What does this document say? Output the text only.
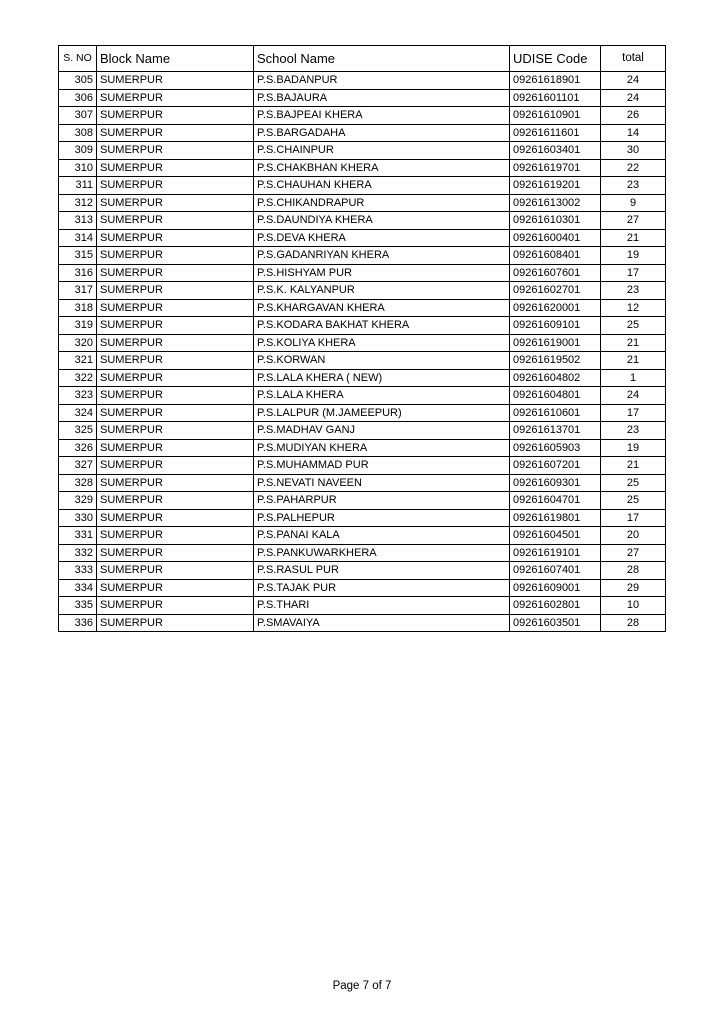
S. NO	Block Name	School Name	UDISE Code	total
305	SUMERPUR	P.S.BADANPUR	09261618901	24
306	SUMERPUR	P.S.BAJAURA	09261601101	24
307	SUMERPUR	P.S.BAJPEAI KHERA	09261610901	26
308	SUMERPUR	P.S.BARGADAHA	09261611601	14
309	SUMERPUR	P.S.CHAINPUR	09261603401	30
310	SUMERPUR	P.S.CHAKBHAN KHERA	09261619701	22
311	SUMERPUR	P.S.CHAUHAN KHERA	09261619201	23
312	SUMERPUR	P.S.CHIKANDRAPUR	09261613002	9
313	SUMERPUR	P.S.DAUNDIYA KHERA	09261610301	27
314	SUMERPUR	P.S.DEVA KHERA	09261600401	21
315	SUMERPUR	P.S.GADANRIYAN KHERA	09261608401	19
316	SUMERPUR	P.S.HISHYAM PUR	09261607601	17
317	SUMERPUR	P.S.K. KALYANPUR	09261602701	23
318	SUMERPUR	P.S.KHARGAVAN KHERA	09261620001	12
319	SUMERPUR	P.S.KODARA BAKHAT KHERA	09261609101	25
320	SUMERPUR	P.S.KOLIYA KHERA	09261619001	21
321	SUMERPUR	P.S.KORWAN	09261619502	21
322	SUMERPUR	P.S.LALA KHERA ( NEW)	09261604802	1
323	SUMERPUR	P.S.LALA KHERA	09261604801	24
324	SUMERPUR	P.S.LALPUR (M.JAMEEPUR)	09261610601	17
325	SUMERPUR	P.S.MADHAV GANJ	09261613701	23
326	SUMERPUR	P.S.MUDIYAN KHERA	09261605903	19
327	SUMERPUR	P.S.MUHAMMAD PUR	09261607201	21
328	SUMERPUR	P.S.NEVATI NAVEEN	09261609301	25
329	SUMERPUR	P.S.PAHARPUR	09261604701	25
330	SUMERPUR	P.S.PALHEPUR	09261619801	17
331	SUMERPUR	P.S.PANAI KALA	09261604501	20
332	SUMERPUR	P.S.PANKUWARKHERA	09261619101	27
333	SUMERPUR	P.S.RASUL PUR	09261607401	28
334	SUMERPUR	P.S.TAJAK PUR	09261609001	29
335	SUMERPUR	P.S.THARI	09261602801	10
336	SUMERPUR	P.SMAVAIYA	09261603501	28
Page 7 of 7
